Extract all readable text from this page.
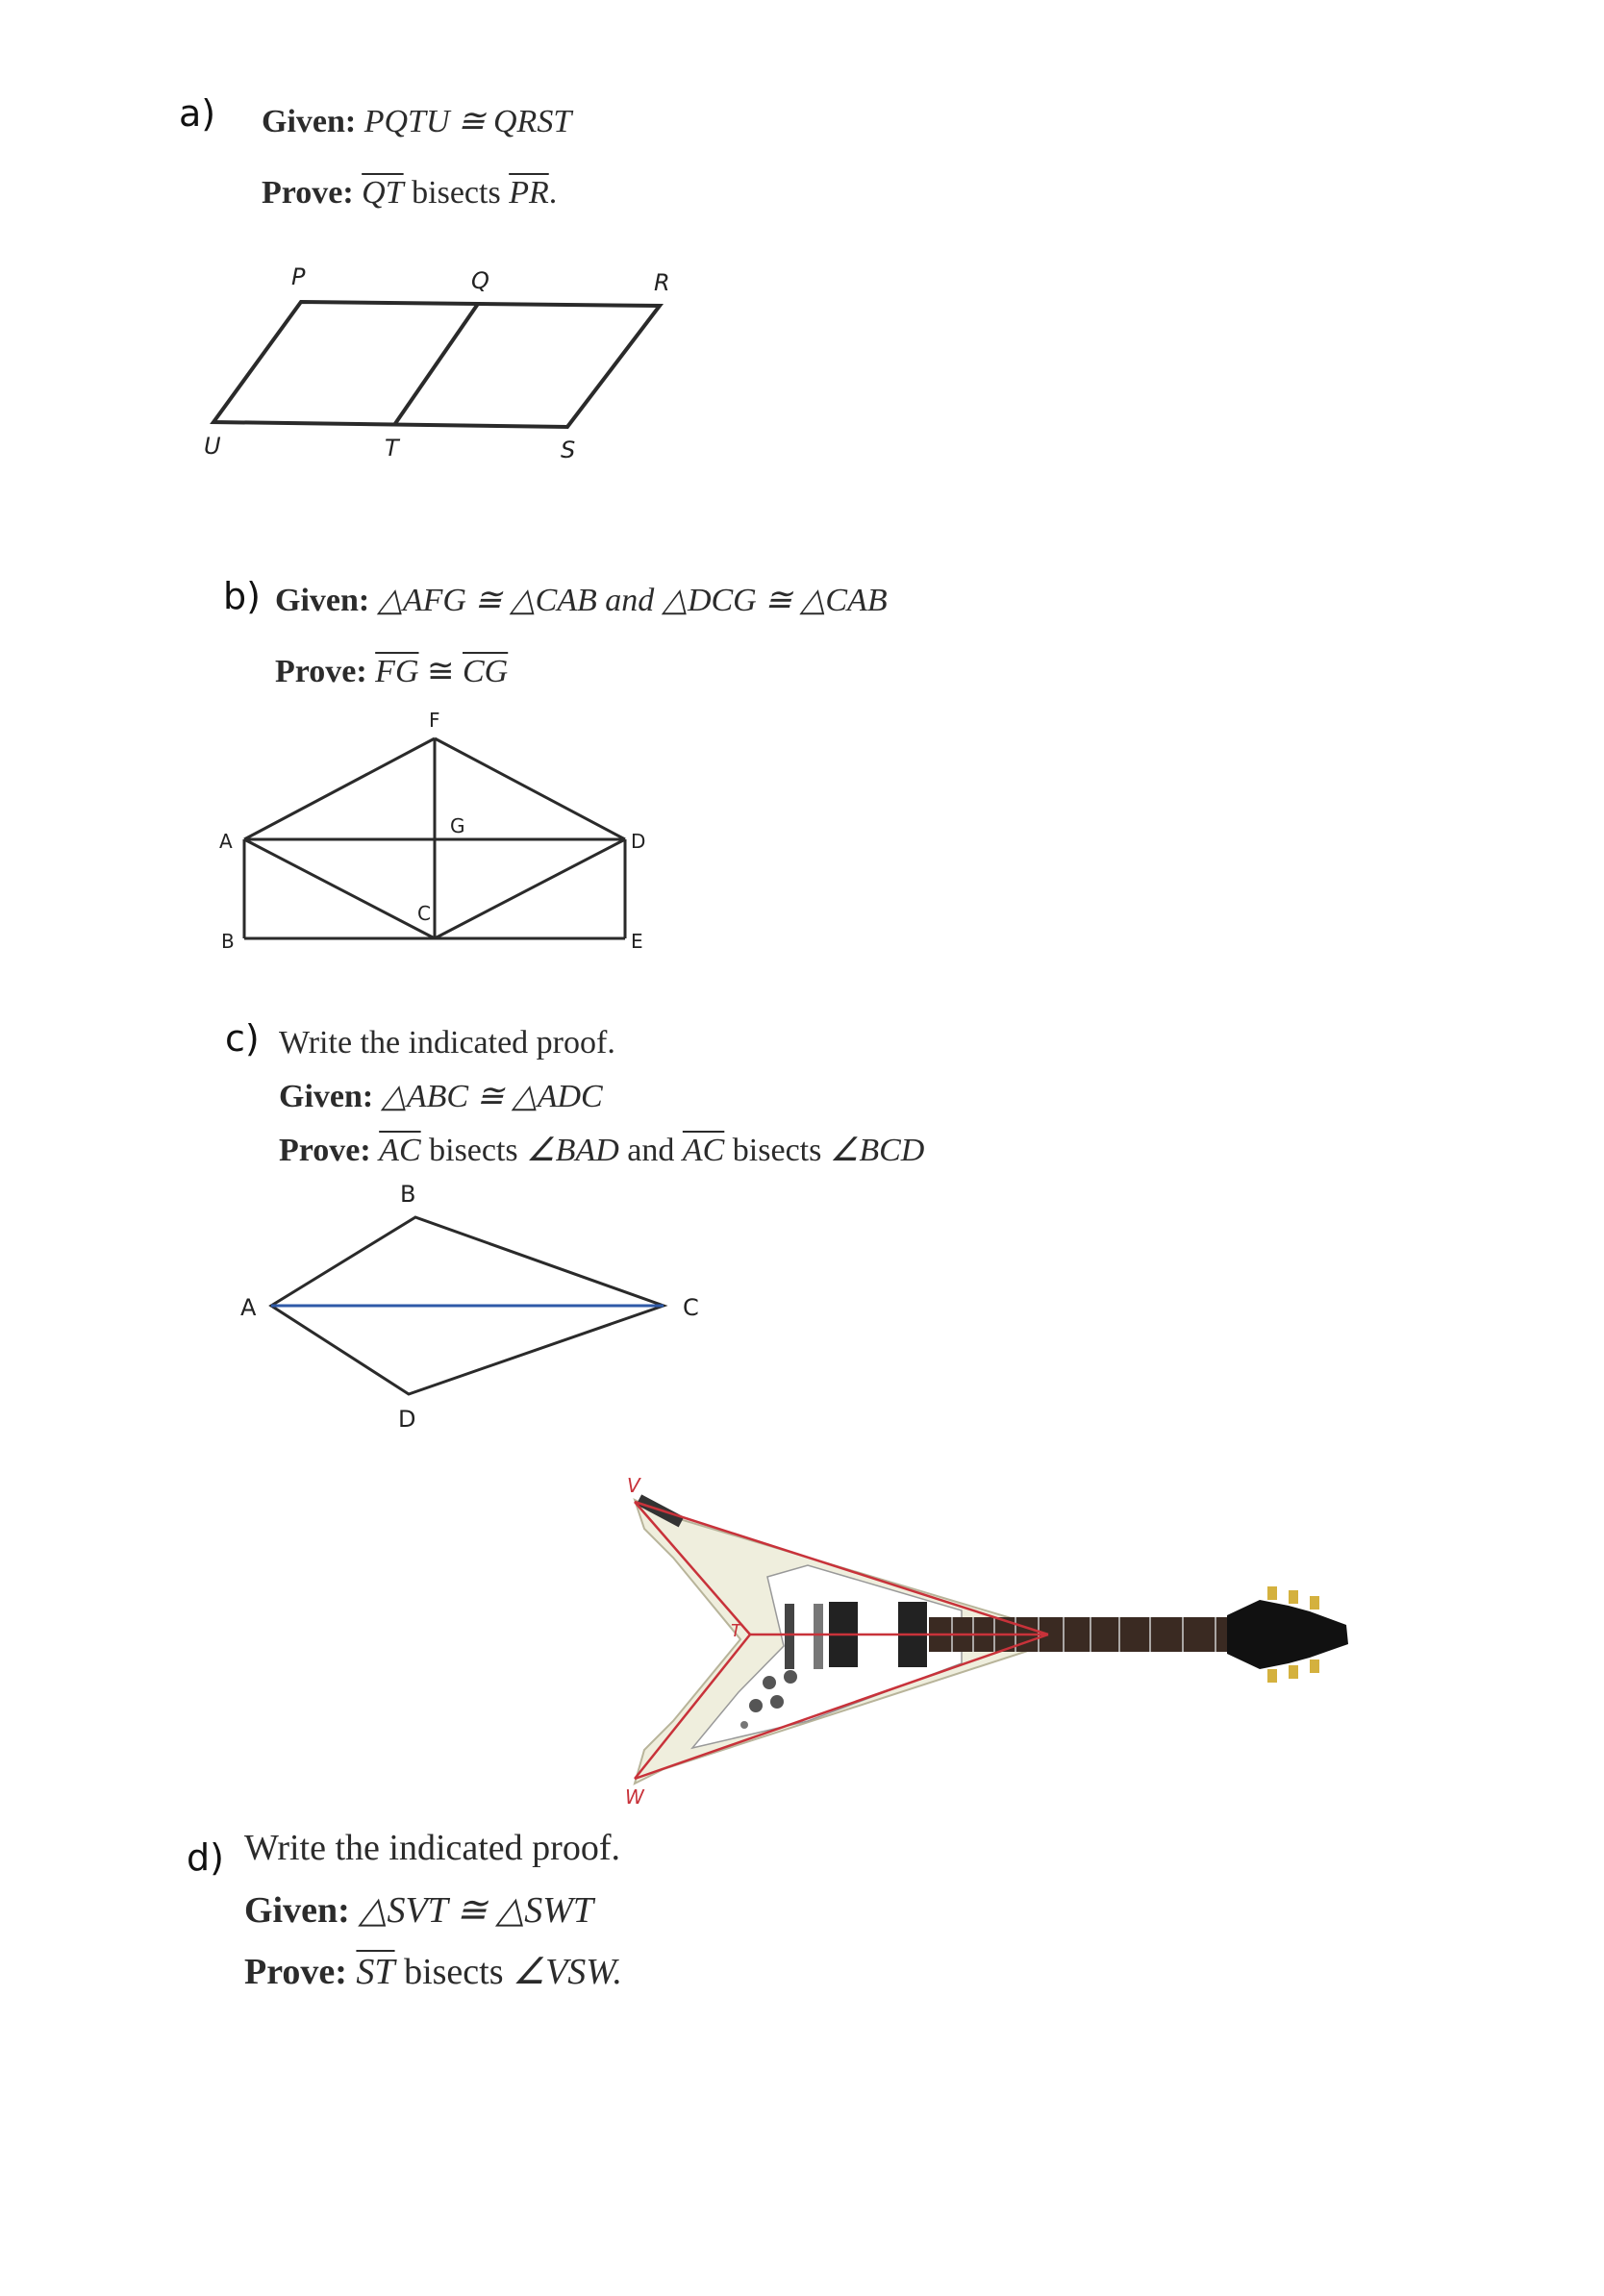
a) Given: PQTU ≅ QRST
Prove: $\overline{QT}$ bisects $\overline{PR}$.
P	Q	R
U	T	S
b) Given: △AFG ≅ △CAB and △DCG ≅ △CAB
Prove: $\overline{FG}$ ≅ $\overline{CG}$
F
A
G
D
C
B	E
c) Write the indicated proof.
Given: △ABC ≅ △ADC
Prove: $\overline{AC}$ bisects ∠BAD and $\overline{AC}$ bisects ∠BCD
B
A	C
D
V
T
W
d) Write the indicated proof.
Given: △SVT ≅ △SWT
Prove: $\overline{ST}$ bisects ∠VSW.
